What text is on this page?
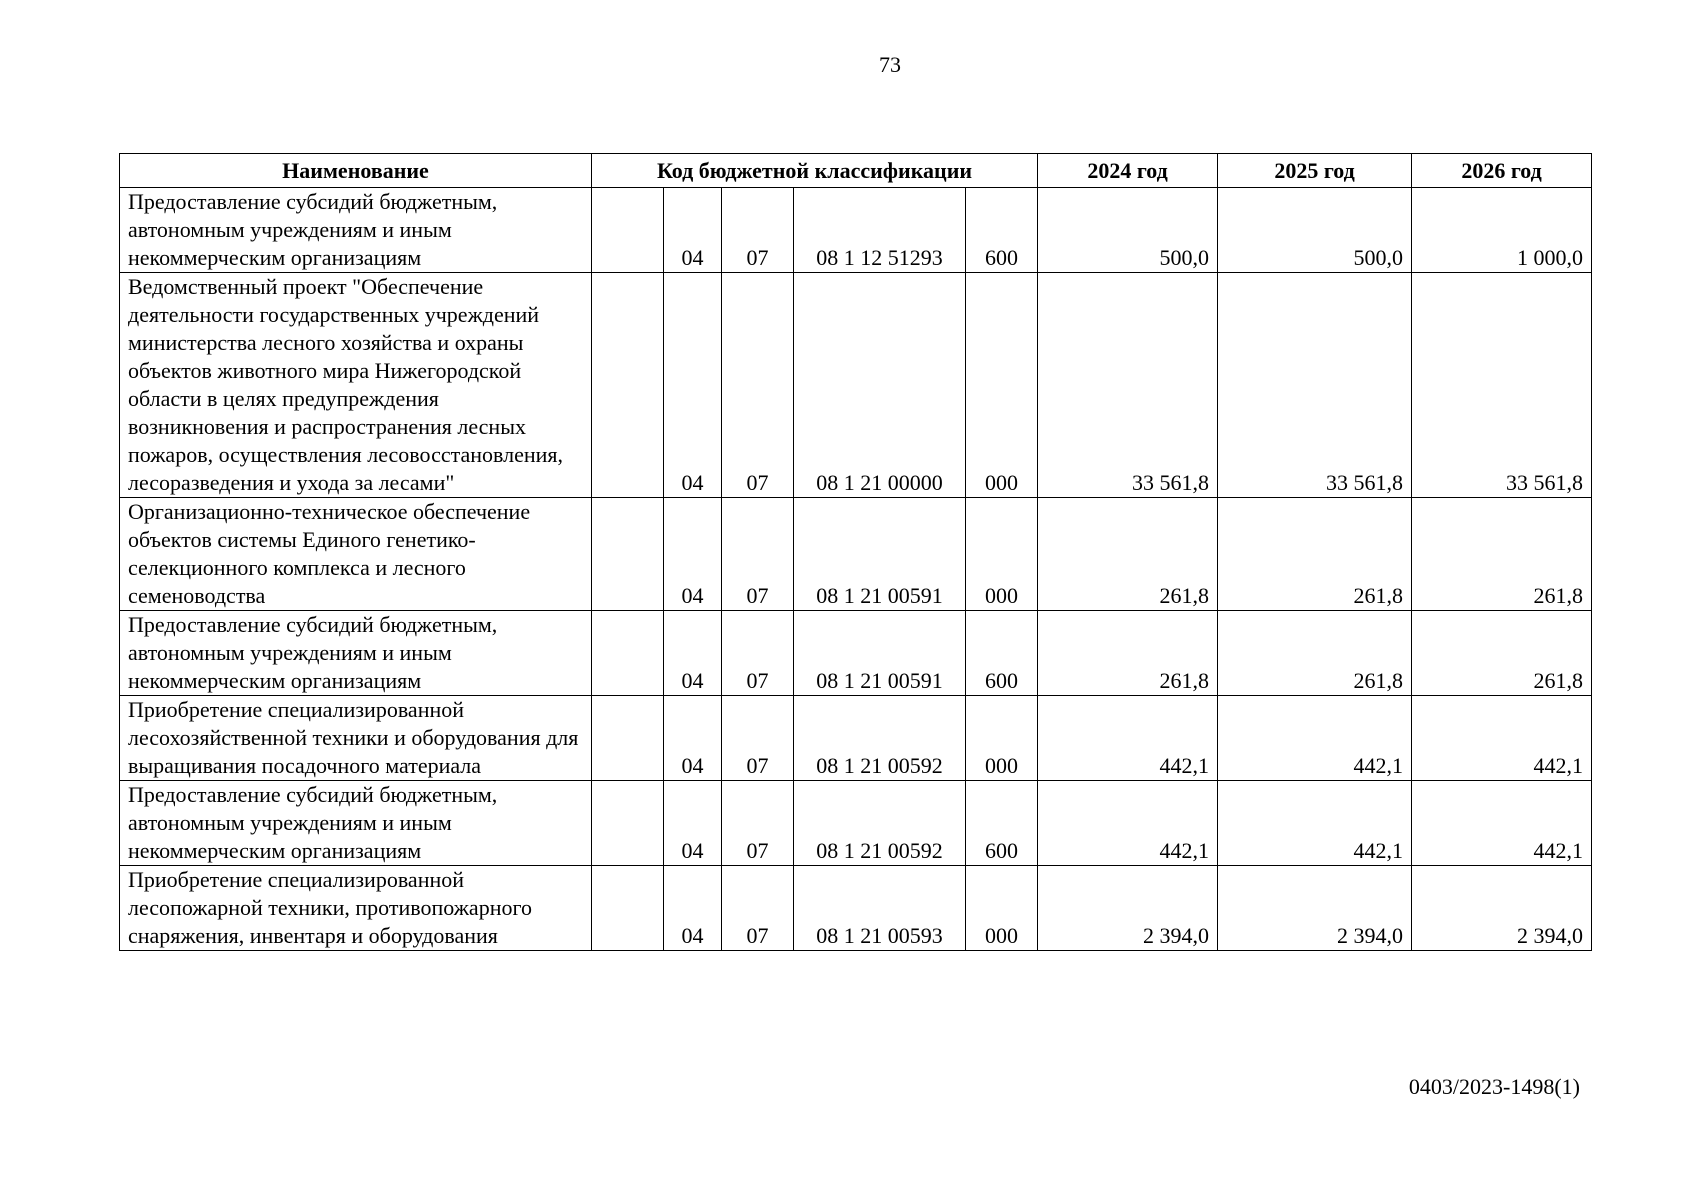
73
Наименование	Код бюджетной классификации					2024 год	2025 год	2026 год
Предоставление субсидий бюджетным, автономным учреждениям и иным некоммерческим организациям		04	07	08 1 12 51293	600	500,0	500,0	1 000,0
Ведомственный проект "Обеспечение деятельности государственных учреждений министерства лесного хозяйства и охраны объектов животного мира Нижегородской области в целях предупреждения возникновения и распространения лесных пожаров, осуществления лесовосстановления, лесоразведения и ухода за лесами"		04	07	08 1 21 00000	000	33 561,8	33 561,8	33 561,8
Организационно-техническое обеспечение объектов системы Единого генетико-селекционного комплекса и лесного семеноводства		04	07	08 1 21 00591	000	261,8	261,8	261,8
Предоставление субсидий бюджетным, автономным учреждениям и иным некоммерческим организациям		04	07	08 1 21 00591	600	261,8	261,8	261,8
Приобретение специализированной лесохозяйственной техники и оборудования для выращивания посадочного материала		04	07	08 1 21 00592	000	442,1	442,1	442,1
Предоставление субсидий бюджетным, автономным учреждениям и иным некоммерческим организациям		04	07	08 1 21 00592	600	442,1	442,1	442,1
Приобретение специализированной лесопожарной техники, противопожарного снаряжения, инвентаря и оборудования		04	07	08 1 21 00593	000	2 394,0	2 394,0	2 394,0
0403/2023-1498(1)
